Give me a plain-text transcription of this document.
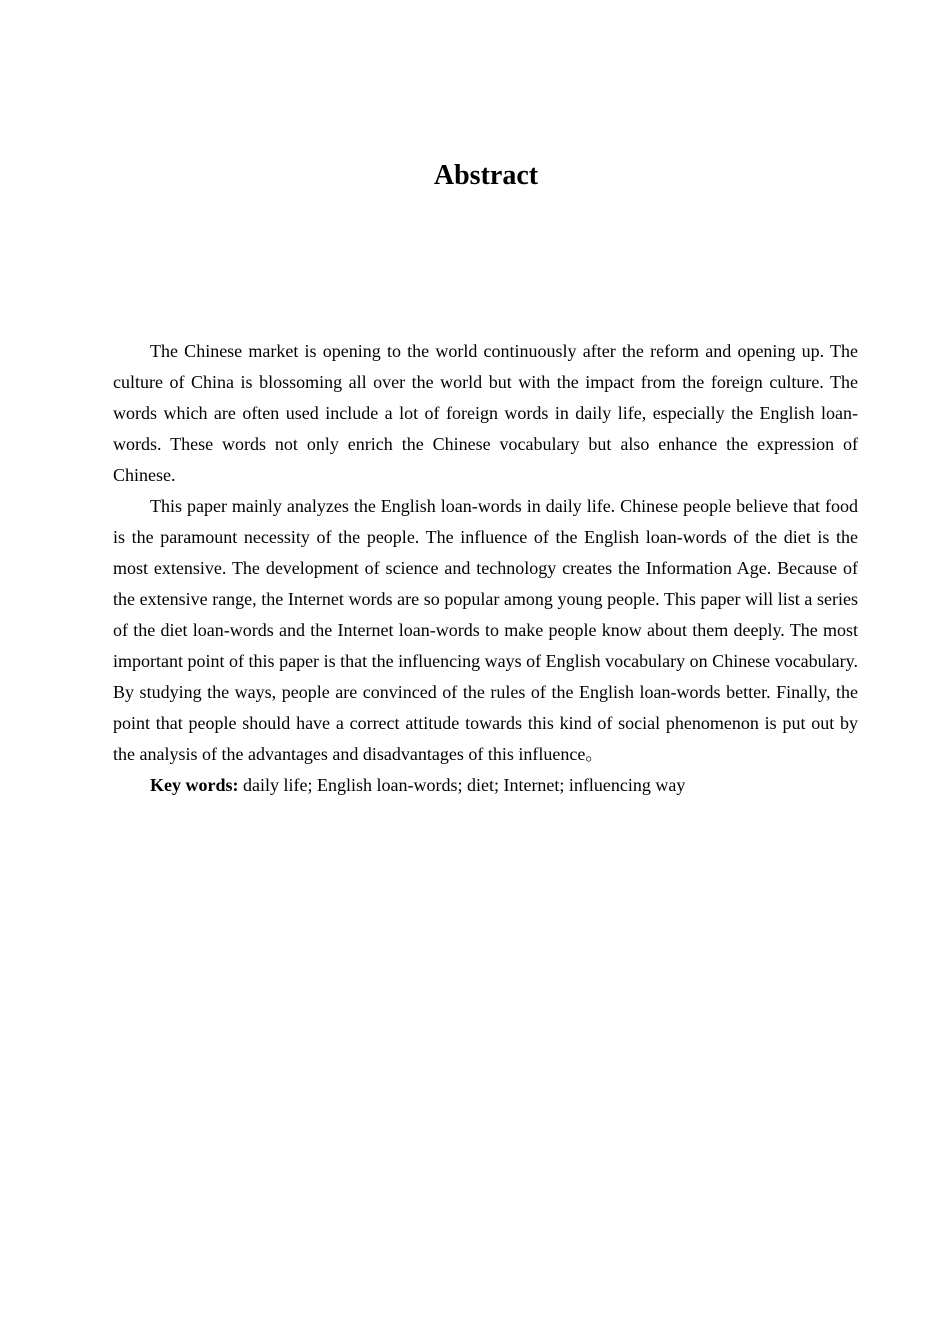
Abstract

The Chinese market is opening to the world continuously after the reform and opening up. The culture of China is blossoming all over the world but with the impact from the foreign culture. The words which are often used include a lot of foreign words in daily life, especially the English loan-words. These words not only enrich the Chinese vocabulary but also enhance the expression of Chinese.

This paper mainly analyzes the English loan-words in daily life. Chinese people believe that food is the paramount necessity of the people. The influence of the English loan-words of the diet is the most extensive. The development of science and technology creates the Information Age. Because of the extensive range, the Internet words are so popular among young people. This paper will list a series of the diet loan-words and the Internet loan-words to make people know about them deeply. The most important point of this paper is that the influencing ways of English vocabulary on Chinese vocabulary. By studying the ways, people are convinced of the rules of the English loan-words better. Finally, the point that people should have a correct attitude towards this kind of social phenomenon is put out by the analysis of the advantages and disadvantages of this influence。

Key words: daily life; English loan-words; diet; Internet; influencing way
